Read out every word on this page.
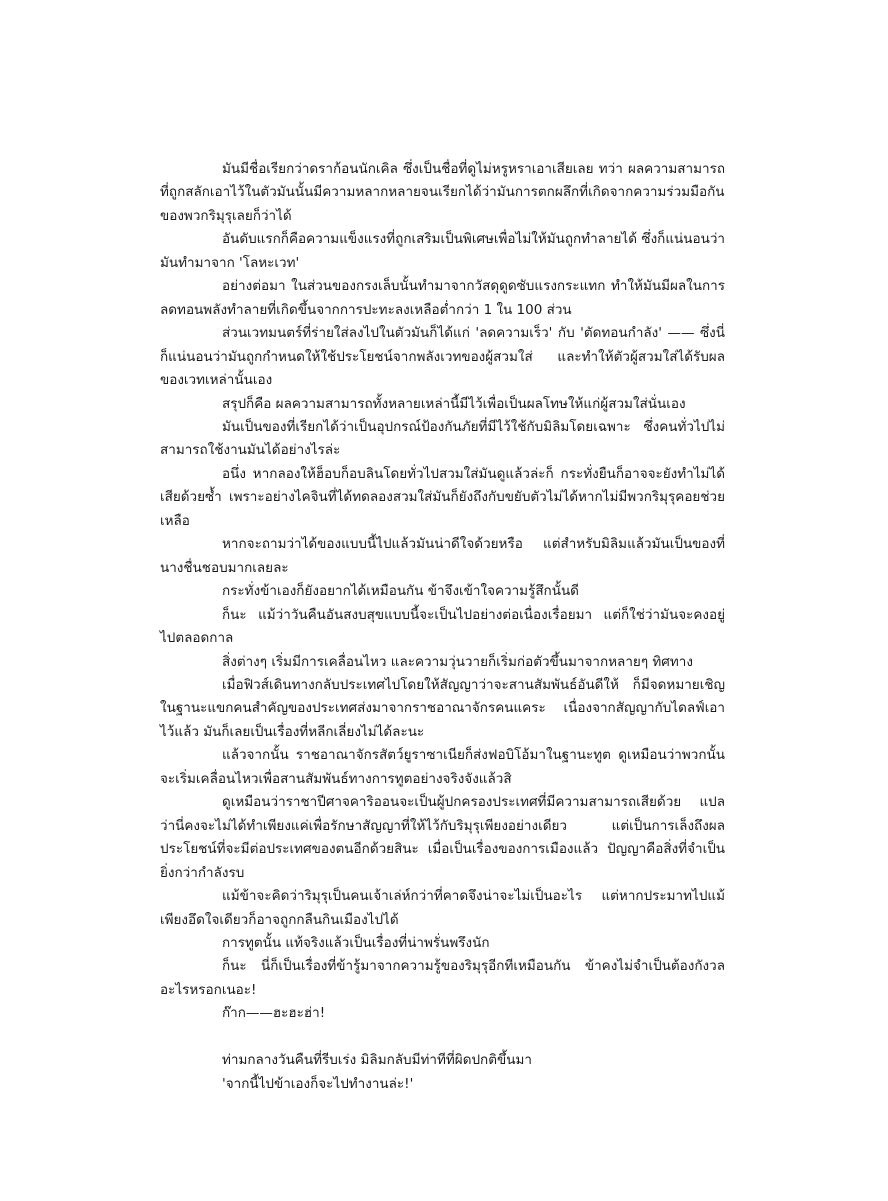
มันมีชื่อเรียกว่าดราก้อนนักเคิล ซึ่งเป็นชื่อที่ดูไม่หรูหราเอาเสียเลย ทว่า ผลความสามารถที่ถูกสลักเอาไว้ในตัวมันนั้นมีความหลากหลายจนเรียกได้ว่ามันการตกผลึกที่เกิดจากความร่วมมือกันของพวกริมุรุเลยก็ว่าได้

อันดับแรกก็คือความแข็งแรงที่ถูกเสริมเป็นพิเศษเพื่อไม่ให้มันถูกทำลายได้ ซึ่งก็แน่นอนว่ามันทำมาจาก 'โลหะเวท'

อย่างต่อมา ในส่วนของกรงเล็บนั้นทำมาจากวัสดุดูดซับแรงกระแทก ทำให้มันมีผลในการลดทอนพลังทำลายที่เกิดขึ้นจากการปะทะลงเหลือต่ำกว่า 1 ใน 100 ส่วน

ส่วนเวทมนตร์ที่ร่ายใส่ลงไปในตัวมันก็ได้แก่ 'ลดความเร็ว' กับ 'ตัดทอนกำลัง' —— ซึ่งนี่ก็แน่นอนว่ามันถูกกำหนดให้ใช้ประโยชน์จากพลังเวทของผู้สวมใส่ และทำให้ตัวผู้สวมใส่ได้รับผลของเวทเหล่านั้นเอง

สรุปก็คือ ผลความสามารถทั้งหลายเหล่านี้มีไว้เพื่อเป็นผลโทษให้แก่ผู้สวมใส่นั่นเอง

มันเป็นของที่เรียกได้ว่าเป็นอุปกรณ์ป้องกันภัยที่มีไว้ใช้กับมิลิมโดยเฉพาะ ซึ่งคนทั่วไปไม่สามารถใช้งานมันได้อย่างไรล่ะ

อนึ่ง หากลองให้ฮ็อบก็อบลินโดยทั่วไปสวมใส่มันดูแล้วล่ะก็ กระทั่งยืนก็อาจจะยังทำไม่ได้เสียด้วยซ้ำ เพราะอย่างไคจินที่ได้ทดลองสวมใส่มันก็ยังถึงกับขยับตัวไม่ได้หากไม่มีพวกริมุรุคอยช่วยเหลือ

หากจะถามว่าได้ของแบบนี้ไปแล้วมันน่าดีใจด้วยหรือ แต่สำหรับมิลิมแล้วมันเป็นของที่นางชื่นชอบมากเลยละ

กระทั่งข้าเองก็ยังอยากได้เหมือนกัน ข้าจึงเข้าใจความรู้สึกนั้นดี

ก็นะ แม้ว่าวันคืนอันสงบสุขแบบนี้จะเป็นไปอย่างต่อเนื่องเรื่อยมา แต่ก็ใช่ว่ามันจะคงอยู่ไปตลอดกาล

สิ่งต่างๆ เริ่มมีการเคลื่อนไหว และความวุ่นวายก็เริ่มก่อตัวขึ้นมาจากหลายๆ ทิศทาง

เมื่อฟิวส์เดินทางกลับประเทศไปโดยให้สัญญาว่าจะสานสัมพันธ์อันดีให้ ก็มีจดหมายเชิญในฐานะแขกคนสำคัญของประเทศส่งมาจากราชอาณาจักรคนแคระ เนื่องจากสัญญากับไดลฟ์เอาไว้แล้ว มันก็เลยเป็นเรื่องที่หลีกเลี่ยงไม่ได้ละนะ

แล้วจากนั้น ราชอาณาจักรสัตว์ยูราซาเนียก็ส่งฟอบิโอ้มาในฐานะทูต ดูเหมือนว่าพวกนั้นจะเริ่มเคลื่อนไหวเพื่อสานสัมพันธ์ทางการทูตอย่างจริงจังแล้วสิ

ดูเหมือนว่าราชาปีศาจคาริออนจะเป็นผู้ปกครองประเทศที่มีความสามารถเสียด้วย แปลว่านี่คงจะไม่ได้ทำเพียงแค่เพื่อรักษาสัญญาที่ให้ไว้กับริมุรุเพียงอย่างเดียว แต่เป็นการเล็งถึงผลประโยชน์ที่จะมีต่อประเทศของตนอีกด้วยสินะ เมื่อเป็นเรื่องของการเมืองแล้ว ปัญญาคือสิ่งที่จำเป็นยิ่งกว่ากำลังรบ

แม้ข้าจะคิดว่าริมุรุเป็นคนเจ้าเล่ห์กว่าที่คาดจึงน่าจะไม่เป็นอะไร แต่หากประมาทไปแม้เพียงอึดใจเดียวก็อาจถูกกลืนกินเมืองไปได้

การทูตนั้น แท้จริงแล้วเป็นเรื่องที่น่าพรั่นพรึงนัก

ก็นะ นี่ก็เป็นเรื่องที่ข้ารู้มาจากความรู้ของริมุรุอีกทีเหมือนกัน ข้าคงไม่จำเป็นต้องกังวลอะไรหรอกเนอะ!

ก๊าก——ฮะฮะฮ่า!

ท่ามกลางวันคืนที่รีบเร่ง มิลิมกลับมีท่าทีที่ผิดปกติขึ้นมา

'จากนี้ไปข้าเองก็จะไปทำงานล่ะ!'
